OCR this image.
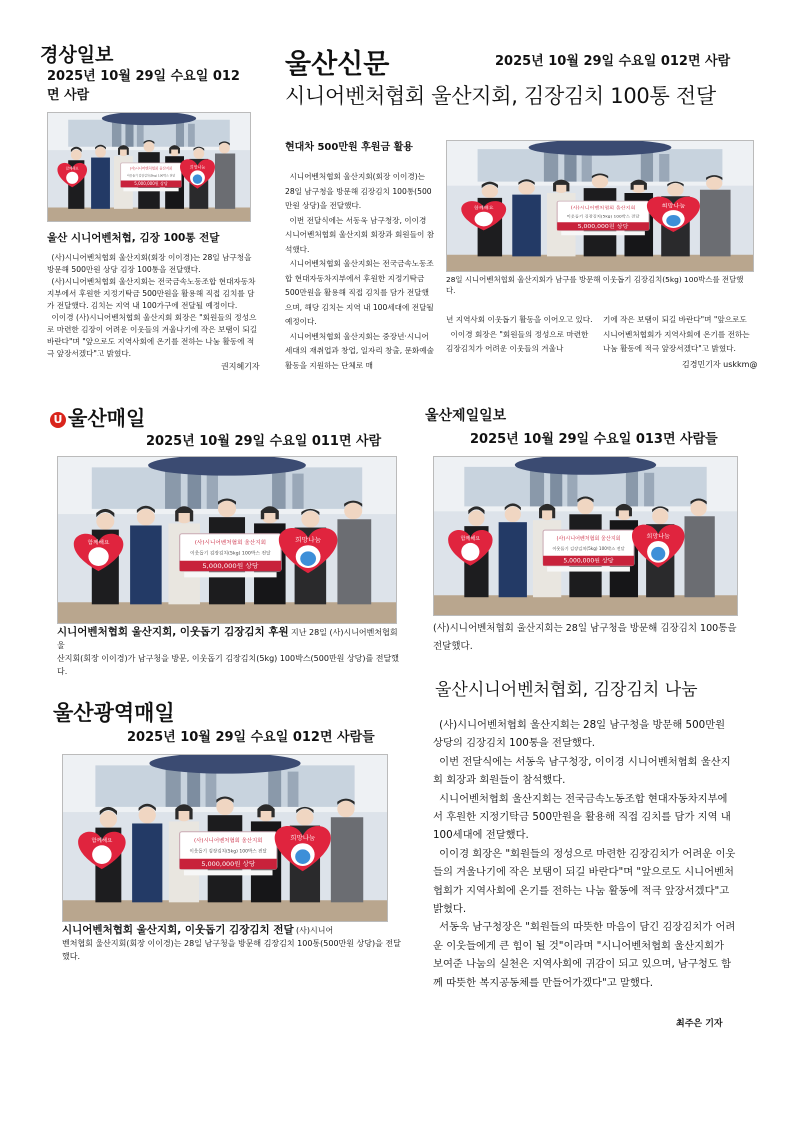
경상일보
2025년 10월 29일 수요일 012
면 사람
(사)시니어벤처협회 울산지회
이웃돕기 김장김치(5kg) 100박스 전달
5,000,000원 상당
함께해요	희망나눔
울산 시니어벤처협, 김장 100통 전달

(사)시니어벤처협회 울산지회(회장 이이경)는 28일 남구청을 방문해 500만원 상당 김장 100통을 전달했다.

(사)시니어벤처협회 울산지회는 전국금속노동조합 현대자동차지부에서 후원한 지정기탁금 500만원을 활용해 직접 김치를 담가 전달했다. 김치는 지역 내 100가구에 전달될 예정이다.

이이경 (사)시니어벤처협회 울산지회 회장은 "회원들의 정성으로 마련한 김장이 어려운 이웃들의 겨울나기에 작은 보탬이 되길 바란다"며 "앞으로도 지역사회에 온기를 전하는 나눔 활동에 적극 앞장서겠다"고 밝혔다.

권지혜기자
울산신문	2025년 10월 29일 수요일 012면 사람
시니어벤처협회 울산지회, 김장김치 100통 전달
현대차 500만원 후원금 활용

시니어벤처협회 울산지회(회장 이이경)는 28일 남구청을 방문해 김장김치 100통(500만원 상당)을 전달했다.

이번 전달식에는 서동욱 남구청장, 이이경 시니어벤처협회 울산지회 회장과 회원들이 참석했다.

시니어벤처협회 울산지회는 전국금속노동조합 현대자동차지부에서 후원한 지정기탁금 500만원을 활용해 직접 김치를 담가 전달했으며, 해당 김치는 지역 내 100세대에 전달될 예정이다.

시니어벤처협회 울산지회는 중장년·시니어 세대의 재취업과 창업, 일자리 창출, 문화예술활동을 지원하는 단체로 매

(사)시니어벤처협회 울산지회
이웃돕기 김장김치(5kg) 100박스 전달
5,000,000원 상당
함께해요	희망나눔
28일 시니어벤처협회 울산지회가 남구를 방문해 이웃돕기 김장김치(5kg) 100박스를 전달했다.

년 지역사회 이웃돕기 활동을 이어오고 있다.

이이경 회장은 "회원들의 정성으로 마련한 김장김치가 어려운 이웃들의 겨울나

기에 작은 보탬이 되길 바란다"며 "앞으로도 시니어벤처협회가 지역사회에 온기를 전하는 나눔 활동에 적극 앞장서겠다"고 밝혔다.

김경민기자 uskkm@
U 울산매일
2025년 10월 29일 수요일 011면 사람
(사)시니어벤처협회 울산지회
이웃돕기 김장김치(5kg) 100박스 전달
5,000,000원 상당
함께해요	희망나눔
시니어벤처협회 울산지회, 이웃돕기 김장김치 후원 지난 28일 (사)시니어벤처협회 울
산지회(회장 이이경)가 남구청을 방문, 이웃돕기 김장김치(5kg) 100박스(500만원 상당)를 전달했다.
울산제일일보
2025년 10월 29일 수요일 013면 사람들
(사)시니어벤처협회 울산지회
이웃돕기 김장김치(5kg) 100박스 전달
5,000,000원 상당
함께해요	희망나눔
(사)시니어벤처협회 울산지회는 28일 남구청을 방문해 김장김치 100통을 전달했다.
울산시니어벤처협회, 김장김치 나눔

(사)시니어벤처협회 울산지회는 28일 남구청을 방문해 500만원 상당의 김장김치 100통을 전달했다.

이번 전달식에는 서동욱 남구청장, 이이경 시니어벤처협회 울산지회 회장과 회원들이 참석했다.

시니어벤처협회 울산지회는 전국금속노동조합 현대자동차지부에서 후원한 지정기탁금 500만원을 활용해 직접 김치를 담가 지역 내 100세대에 전달했다.

이이경 회장은 "회원들의 정성으로 마련한 김장김치가 어려운 이웃들의 겨울나기에 작은 보탬이 되길 바란다"며 "앞으로도 시니어벤처협회가 지역사회에 온기를 전하는 나눔 활동에 적극 앞장서겠다"고 밝혔다.

서동욱 남구청장은 "회원들의 따뜻한 마음이 담긴 김장김치가 어려운 이웃들에게 큰 힘이 될 것"이라며 "시니어벤처협회 울산지회가 보여준 나눔의 실천은 지역사회에 귀감이 되고 있으며, 남구청도 함께 따뜻한 복지공동체를 만들어가겠다"고 말했다.

최주은 기자
울산광역매일
2025년 10월 29일 수요일 012면 사람들
(사)시니어벤처협회 울산지회
이웃돕기 김장김치(5kg) 100박스 전달
5,000,000원 상당
함께해요	희망나눔
시니어벤처협회 울산지회, 이웃돕기 김장김치 전달 (사)시니어
벤처협회 울산지회(회장 이이경)는 28일 남구청을 방문해 김장김치 100통(500만원 상당)을 전달했다.
